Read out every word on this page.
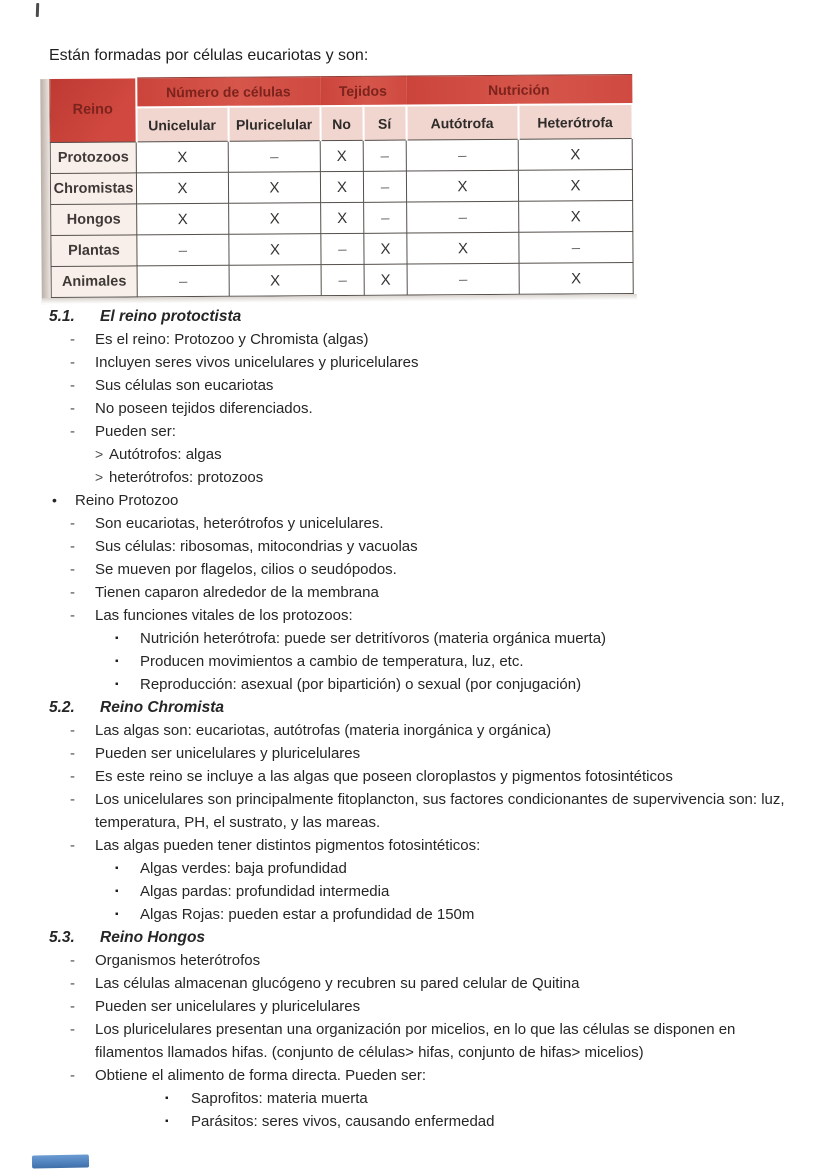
Están formadas por células eucariotas y son:

Reino	Número de células		Tejidos		Nutrición	
	Unicelular	Pluricelular	No	Sí	Autótrofa	Heterótrofa
Protozoos	X	–	X	–	–	X
Chromistas	X	X	X	–	X	X
Hongos	X	X	X	–	–	X
Plantas	–	X	–	X	X	–
Animales	–	X	–	X	–	X
5.1.	El reino protoctista
-	Es el reino: Protozoo y Chromista (algas)
-	Incluyen seres vivos unicelulares y pluricelulares
-	Sus células son eucariotas
-	No poseen tejidos diferenciados.
-	Pueden ser:
> Autótrofos: algas
> heterótrofos: protozoos
•	Reino Protozoo
-	Son eucariotas, heterótrofos y unicelulares.
-	Sus células: ribosomas, mitocondrias y vacuolas
-	Se mueven por flagelos, cilios o seudópodos.
-	Tienen caparon alrededor de la membrana
-	Las funciones vitales de los protozoos:
▪	Nutrición heterótrofa: puede ser detritívoros (materia orgánica muerta)
▪	Producen movimientos a cambio de temperatura, luz, etc.
▪	Reproducción: asexual (por bipartición) o sexual (por conjugación)
5.2.	Reino Chromista
-	Las algas son: eucariotas, autótrofas (materia inorgánica y orgánica)
-	Pueden ser unicelulares y pluricelulares
-	Es este reino se incluye a las algas que poseen cloroplastos y pigmentos fotosintéticos
-	Los unicelulares son principalmente fitoplancton, sus factores condicionantes de supervivencia son: luz, temperatura, PH, el sustrato, y las mareas.
-	Las algas pueden tener distintos pigmentos fotosintéticos:
▪	Algas verdes: baja profundidad
▪	Algas pardas: profundidad intermedia
▪	Algas Rojas: pueden estar a profundidad de 150m
5.3.	Reino Hongos
-	Organismos heterótrofos
-	Las células almacenan glucógeno y recubren su pared celular de Quitina
-	Pueden ser unicelulares y pluricelulares
-	Los pluricelulares presentan una organización por micelios, en lo que las células se disponen en filamentos llamados hifas. (conjunto de células> hifas, conjunto de hifas> micelios)
-	Obtiene el alimento de forma directa. Pueden ser:
▪	Saprofitos: materia muerta
▪	Parásitos: seres vivos, causando enfermedad
